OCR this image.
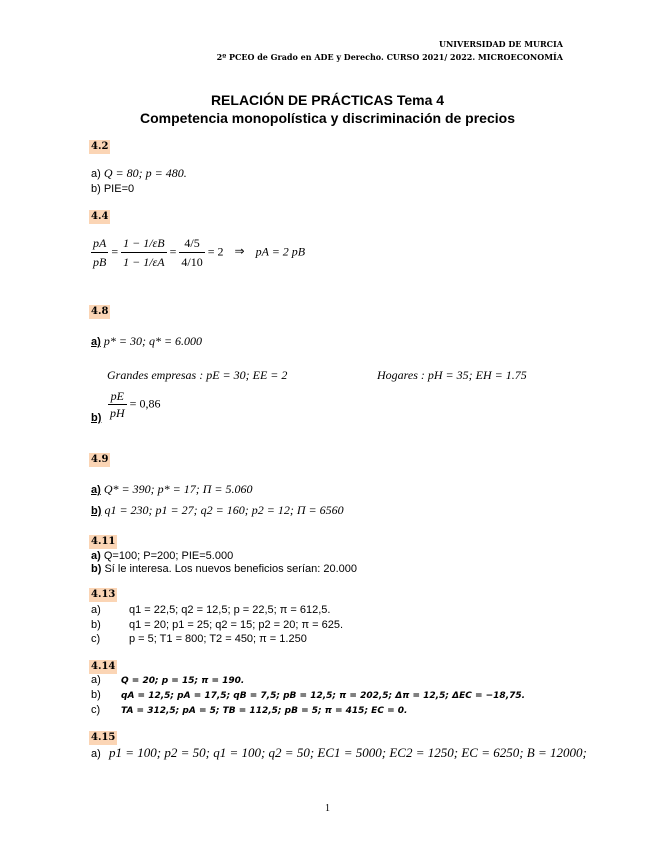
UNIVERSIDAD DE MURCIA
2º PCEO de Grado en ADE y Derecho. CURSO 2021/ 2022. MICROECONOMÍA
RELACIÓN DE PRÁCTICAS Tema 4
Competencia monopolística y discriminación de precios
4.2
a) Q = 80; p = 480.
b) PIE=0
4.4
$\frac{pA}{pB} = \frac{1 - 1/\varepsilon B}{1 - 1/\varepsilon A} = \frac{4/5}{4/10} = 2$ ⇒ pA = 2 pB
4.8
a) p* = 30; q* = 6.000
Grandes empresas : pE = 30; EE = 2	Hogares : pH = 35; EH = 1.75
$\frac{pE}{pH} = 0,86$
b)
4.9
a) Q* = 390; p* = 17; Π = 5.060
b) q1 = 230; p1 = 27; q2 = 160; p2 = 12; Π = 6560
4.11
a) Q=100; P=200; PIE=5.000
b) Sí le interesa. Los nuevos beneficios serían: 20.000
4.13
a)	q1 = 22,5; q2 = 12,5; p = 22,5; π = 612,5.
b)	q1 = 20; p1 = 25; q2 = 15; p2 = 20; π = 625.
c)	p = 5; T1 = 800; T2 = 450; π = 1.250
4.14
a) Q = 20; p = 15; π = 190.
b) qA = 12,5; pA = 17,5; qB = 7,5; pB = 12,5; π = 202,5; Δπ = 12,5; ΔEC = −18,75.
c) TA = 312,5; pA = 5; TB = 112,5; pB = 5; π = 415; EC = 0.
4.15
a) p1 = 100; p2 = 50; q1 = 100; q2 = 50; EC1 = 5000; EC2 = 1250; EC = 6250; B = 12000;
1
